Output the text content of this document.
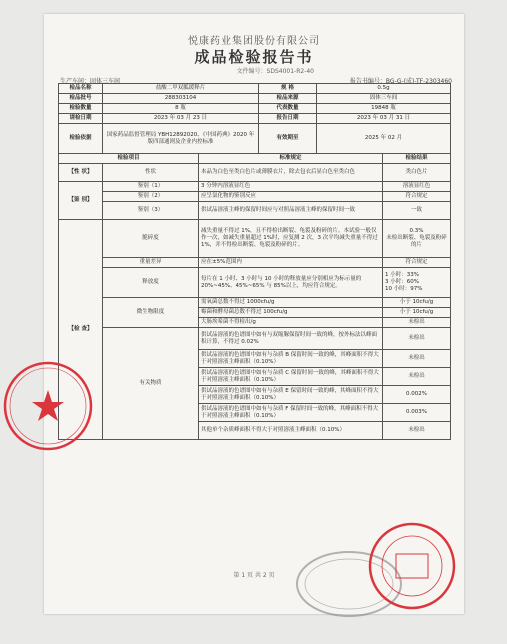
悦康药业集团股份有限公司
成品检验报告书
文件编号：SDS4001-R2-40
生产车间：固体三车间	报告书编号：BG-G-(成)-TF-2303460
检品名称	盐酸二甲双胍缓释片		规 格	0.5g	
检品批号	288303104		检品来源	固体三车间	
检验数量	8 瓶		代表数量	19848 瓶	
请检日期	2023 年 03 月 23 日		报告日期	2023 年 03 月 31 日	
检验依据	国家药品监督管理局 YBH12892020、《中国药典》2020 年版四部通则及企业内控标准		有效期至	2025 年 02 月	
检验项目		标准规定			检验结果
【性 状】	性状	本品为白色至类白色片或薄膜衣片，除去包衣后显白色至类白色			类白色片
【鉴 别】	鉴别（1）	3 分钟内溶液显红色			溶液显红色
	鉴别（2）	应呈氯化物的鉴别反应			符合规定
	鉴别（3）	供试品溶液主峰的保留时间应与对照品溶液主峰的保留时间一致			一致
【检 查】	脆碎度	减失重量不得过 1%，且不得检出断裂、龟裂及粉碎的片。本试验一般仅作一次，如减失重量超过 1%时，应复测 2 次，3 次平均减失重量不得过 1%，并不得检出断裂、龟裂及粉碎的片。			0.3%
未检出断裂、龟裂及粉碎的片
	重量差异	应在±5%范围内			符合规定
	释放度	每片在 1 小时、3 小时与 10 小时的释放量应分别相应为标示量的 20%~45%、45%~65% 与 85%以上，均应符合规定。			1 小时：33%
3 小时：60%
10 小时：97%

	微生物限度	需氧菌总数不得过 1000cfu/g			小于 10cfu/g
		霉菌和酵母菌总数不得过 100cfu/g			小于 10cfu/g
		大肠埃希菌不得检出/g			未检出
	有关物质	供试品溶液的色谱图中如有与双缩脲保留时间一致的峰，按外标法以峰面积计算，不得过 0.02%			未检出
		供试品溶液的色谱图中如有与杂质 B 保留时间一致的峰，其峰面积不得大于对照溶液主峰面积（0.10%）			未检出
		供试品溶液的色谱图中如有与杂质 C 保留时间一致的峰，其峰面积不得大于对照溶液主峰面积（0.10%）			未检出
		供试品溶液的色谱图中如有与杂质 E 保留时间一致的峰，其峰面积不得大于对照溶液主峰面积（0.10%）			0.002%
		供试品溶液的色谱图中如有与杂质 F 保留时间一致的峰，其峰面积不得大于对照溶液主峰面积（0.10%）			0.003%
		其他单个杂质峰面积不得大于对照溶液主峰面积（0.10%）			未检出
第 1 页 共 2 页
